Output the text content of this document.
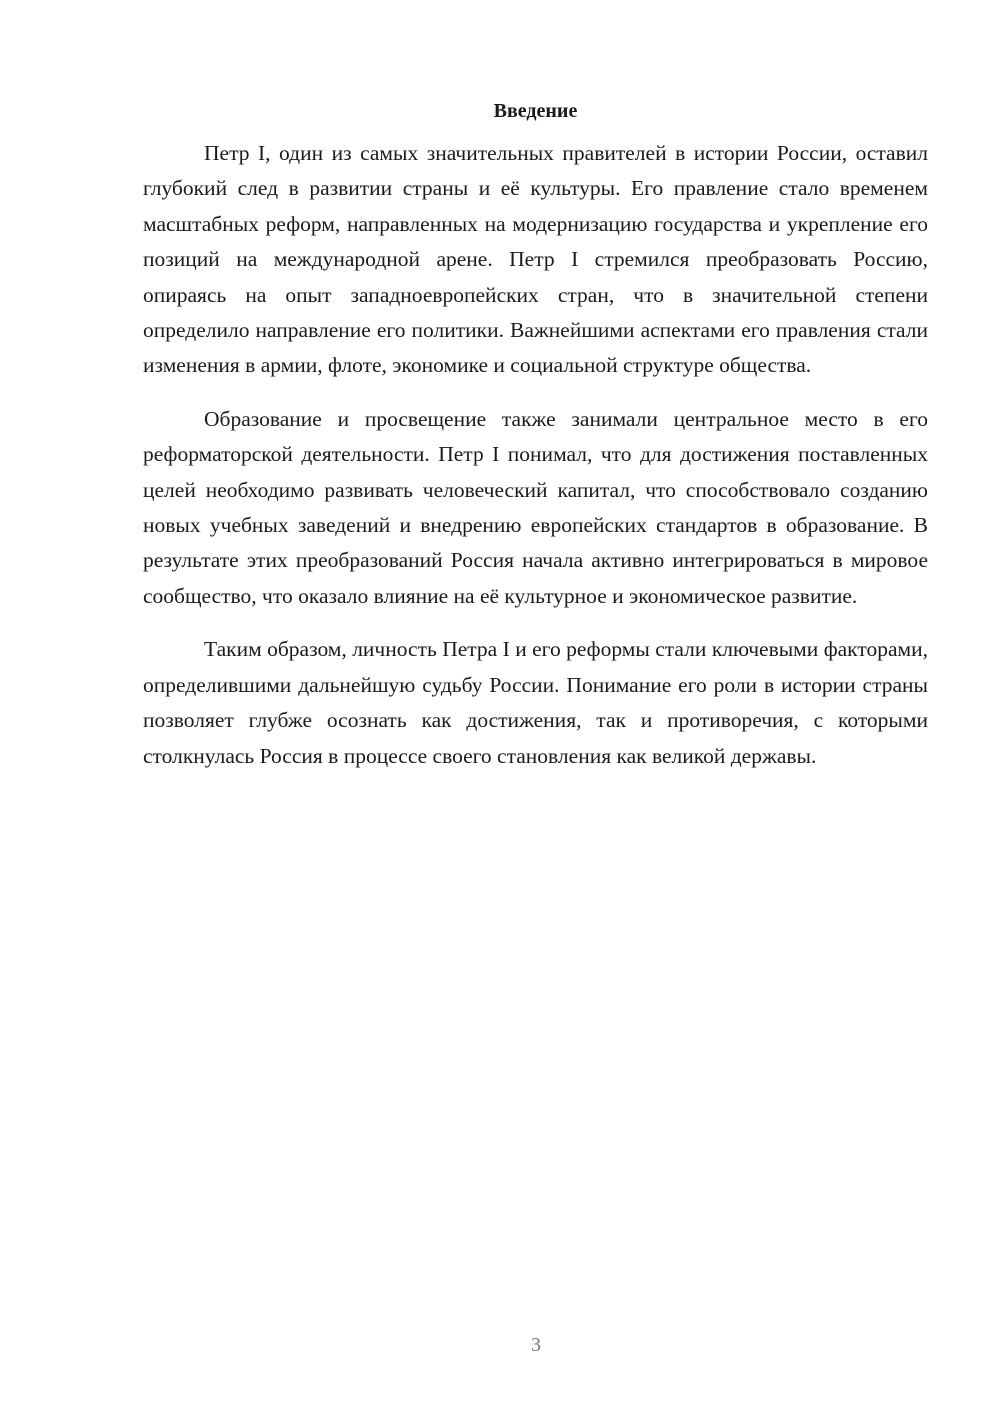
Введение

Петр I, один из самых значительных правителей в истории России, оставил глубокий след в развитии страны и её культуры. Его правление стало временем масштабных реформ, направленных на модернизацию государства и укрепление его позиций на международной арене. Петр I стремился преобразовать Россию, опираясь на опыт западноевропейских стран, что в значительной степени определило направление его политики. Важнейшими аспектами его правления стали изменения в армии, флоте, экономике и социальной структуре общества.

Образование и просвещение также занимали центральное место в его реформаторской деятельности. Петр I понимал, что для достижения поставленных целей необходимо развивать человеческий капитал, что способствовало созданию новых учебных заведений и внедрению европейских стандартов в образование. В результате этих преобразований Россия начала активно интегрироваться в мировое сообщество, что оказало влияние на её культурное и экономическое развитие.

Таким образом, личность Петра I и его реформы стали ключевыми факторами, определившими дальнейшую судьбу России. Понимание его роли в истории страны позволяет глубже осознать как достижения, так и противоречия, с которыми столкнулась Россия в процессе своего становления как великой державы.

3
